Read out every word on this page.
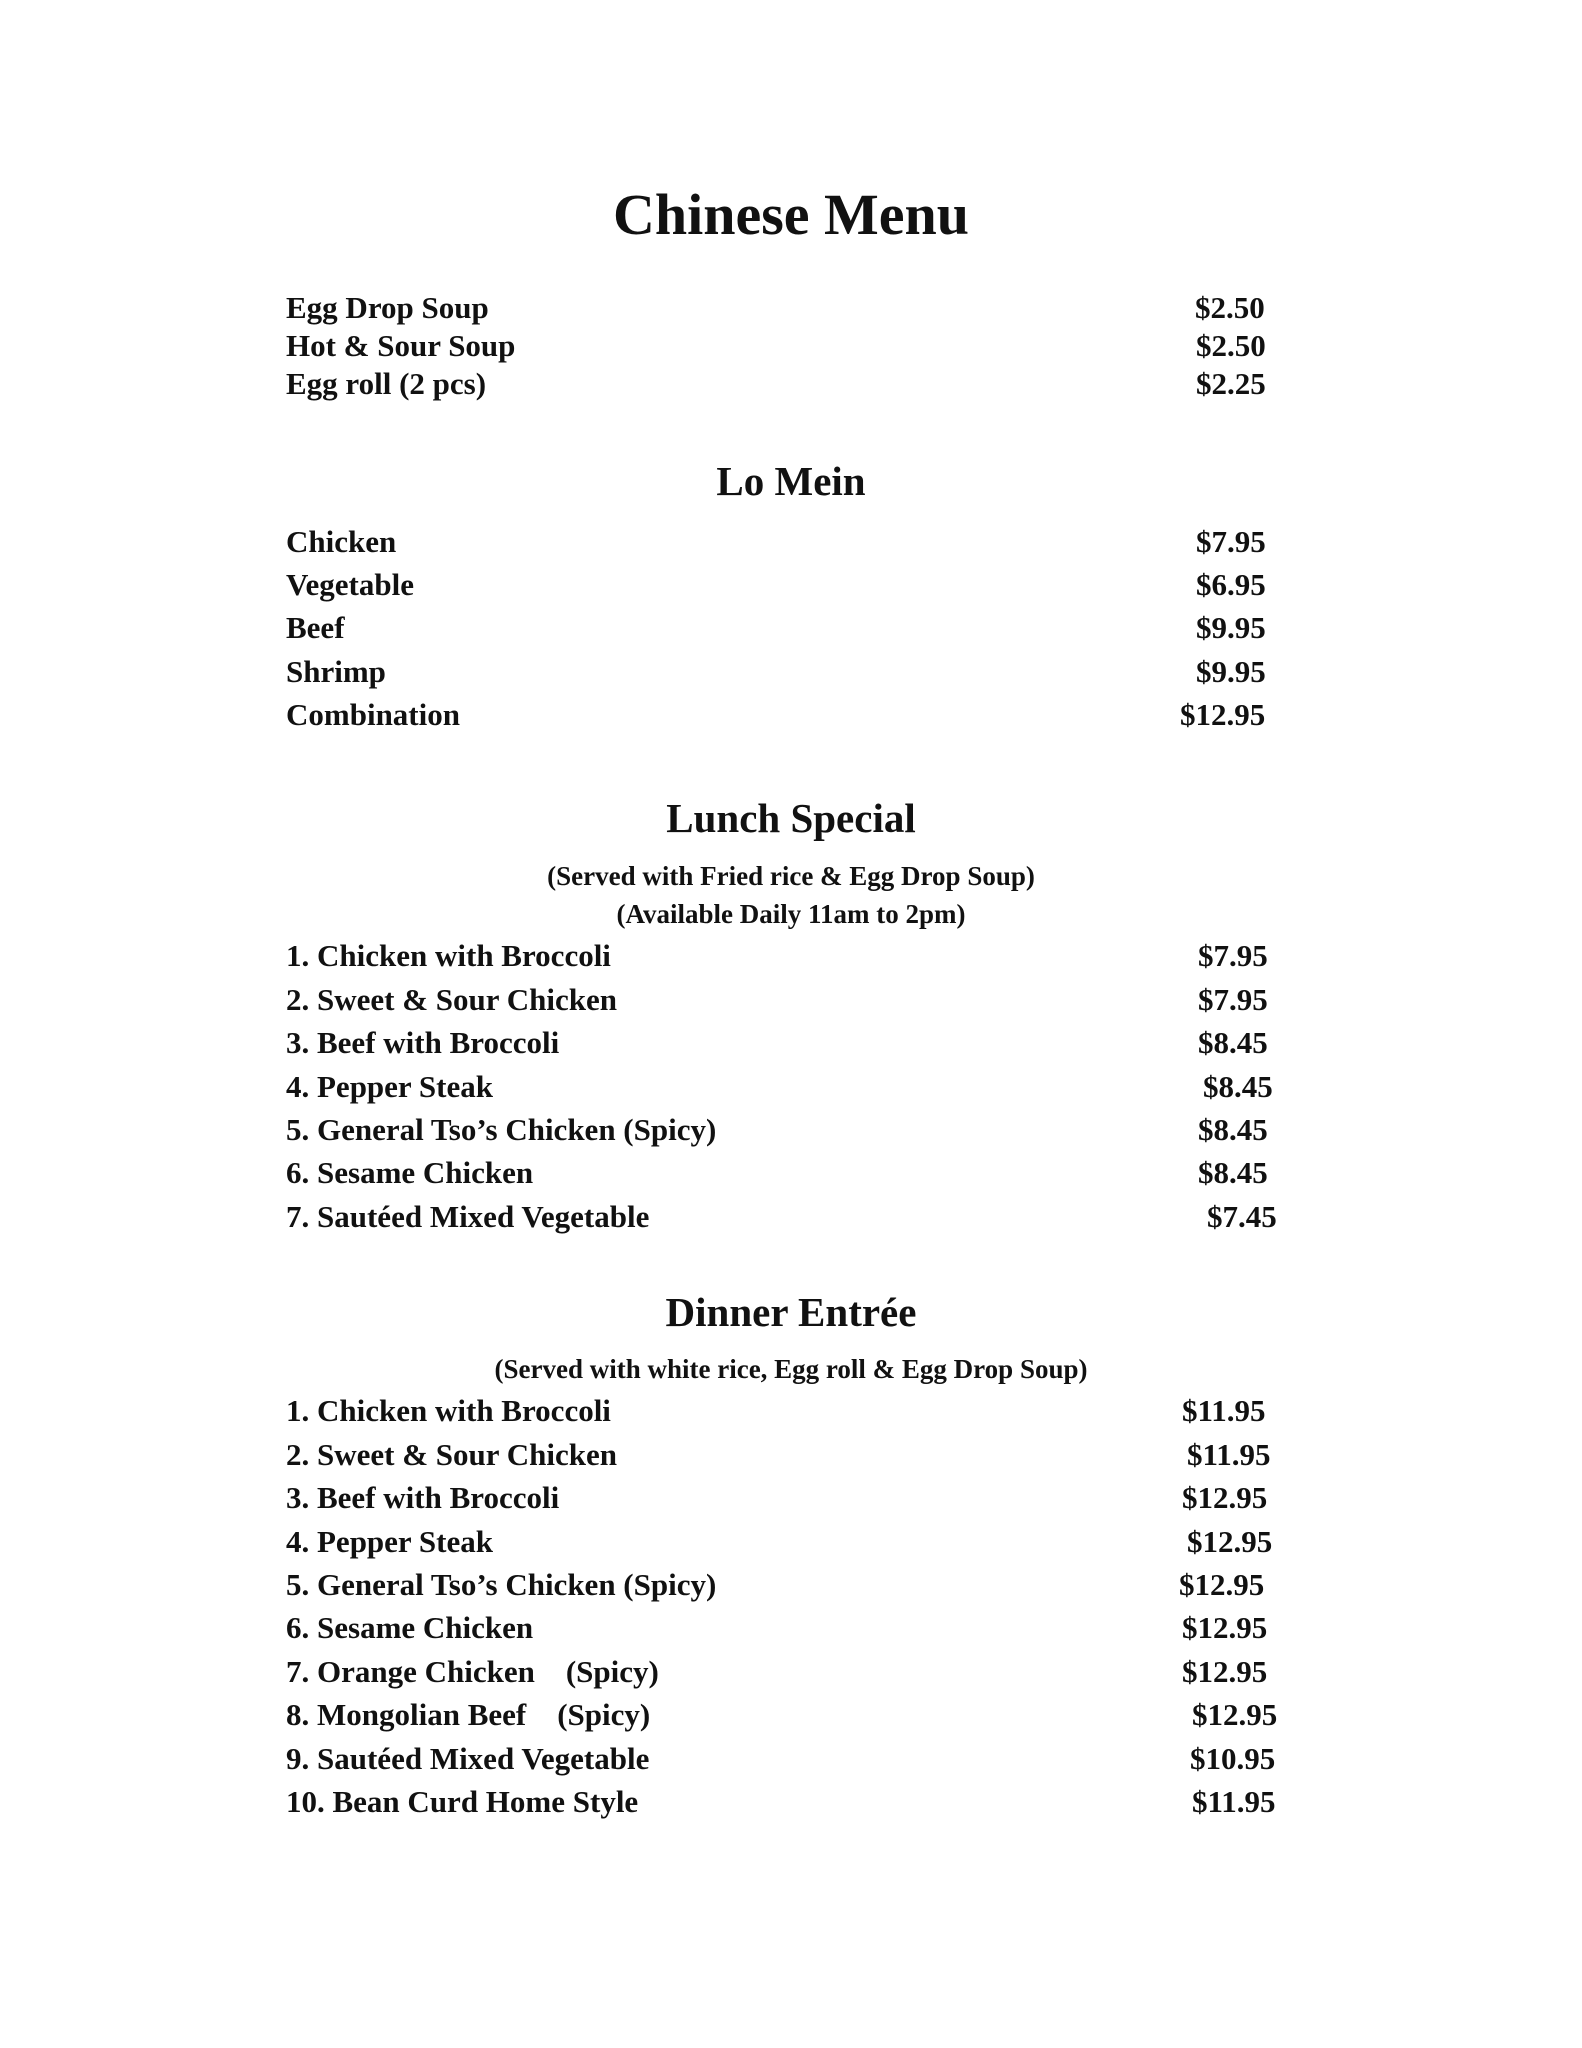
Chinese Menu
Egg Drop Soup	$2.50
Hot & Sour Soup	$2.50
Egg roll (2 pcs)	$2.25
Lo Mein
Chicken	$7.95
Vegetable	$6.95
Beef	$9.95
Shrimp	$9.95
Combination	$12.95
Lunch Special
(Served with Fried rice & Egg Drop Soup)
(Available Daily 11am to 2pm)
1. Chicken with Broccoli	$7.95
2. Sweet & Sour Chicken	$7.95
3. Beef with Broccoli	$8.45
4. Pepper Steak	$8.45
5. General Tso’s Chicken (Spicy)	$8.45
6. Sesame Chicken	$8.45
7. Sautéed Mixed Vegetable	$7.45
Dinner Entrée
(Served with white rice, Egg roll & Egg Drop Soup)
1. Chicken with Broccoli	$11.95
2. Sweet & Sour Chicken	$11.95
3. Beef with Broccoli	$12.95
4. Pepper Steak	$12.95
5. General Tso’s Chicken (Spicy)	$12.95
6. Sesame Chicken	$12.95
7. Orange Chicken    (Spicy)	$12.95
8. Mongolian Beef    (Spicy)	$12.95
9. Sautéed Mixed Vegetable	$10.95
10. Bean Curd Home Style	$11.95
